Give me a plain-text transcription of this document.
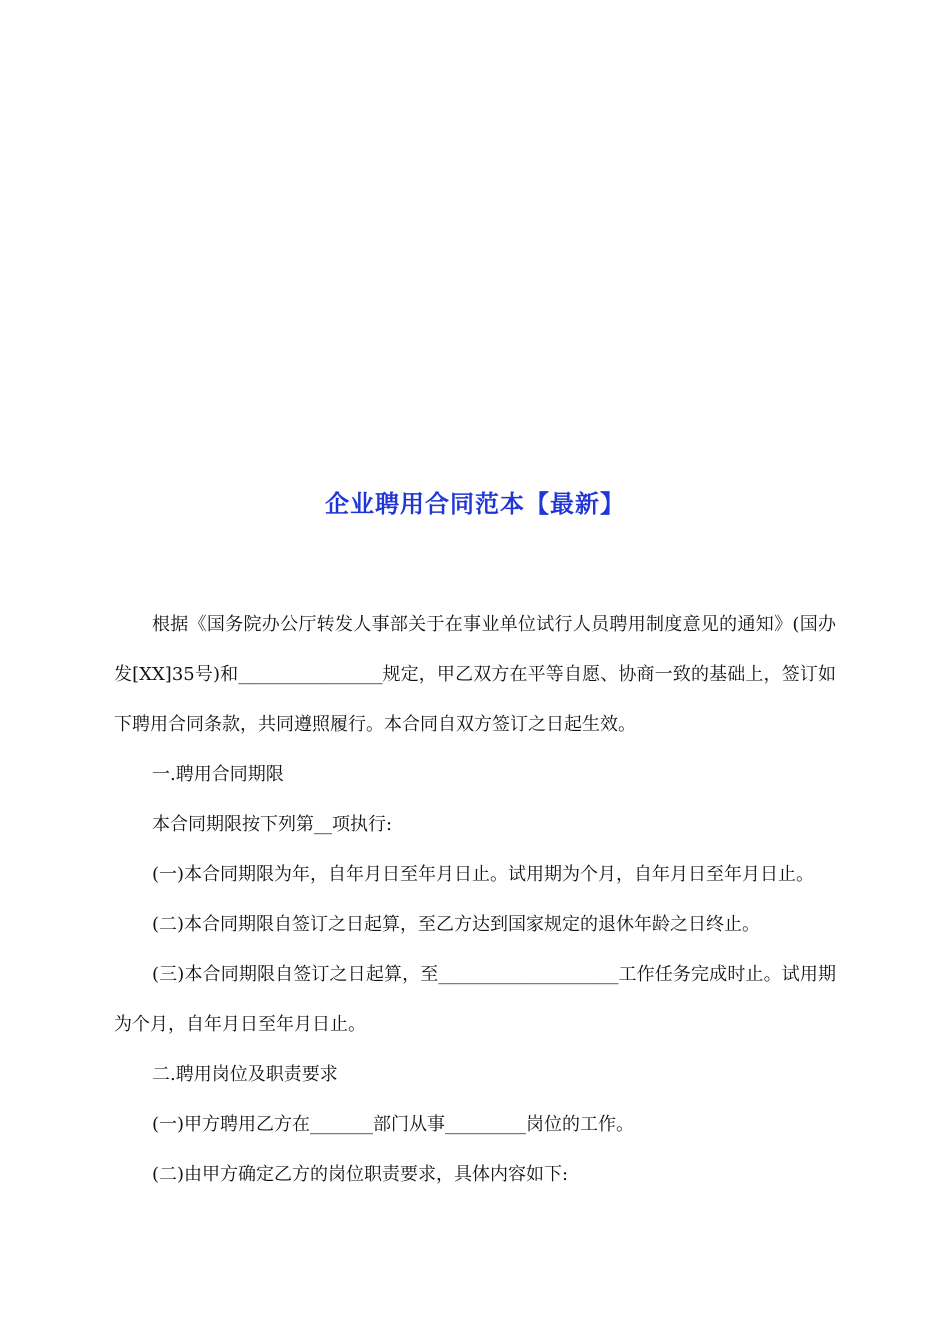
企业聘用合同范本【最新】

根据《国务院办公厅转发人事部关于在事业单位试行人员聘用制度意见的通知》(国办发[XX]35号)和________________规定，甲乙双方在平等自愿、协商一致的基础上，签订如下聘用合同条款，共同遵照履行。本合同自双方签订之日起生效。

一.聘用合同期限

本合同期限按下列第__项执行:

(一)本合同期限为年，自年月日至年月日止。试用期为个月，自年月日至年月日止。

(二)本合同期限自签订之日起算，至乙方达到国家规定的退休年龄之日终止。

(三)本合同期限自签订之日起算，至____________________工作任务完成时止。试用期为个月，自年月日至年月日止。

二.聘用岗位及职责要求

(一)甲方聘用乙方在_______部门从事_________岗位的工作。

(二)由甲方确定乙方的岗位职责要求，具体内容如下:
